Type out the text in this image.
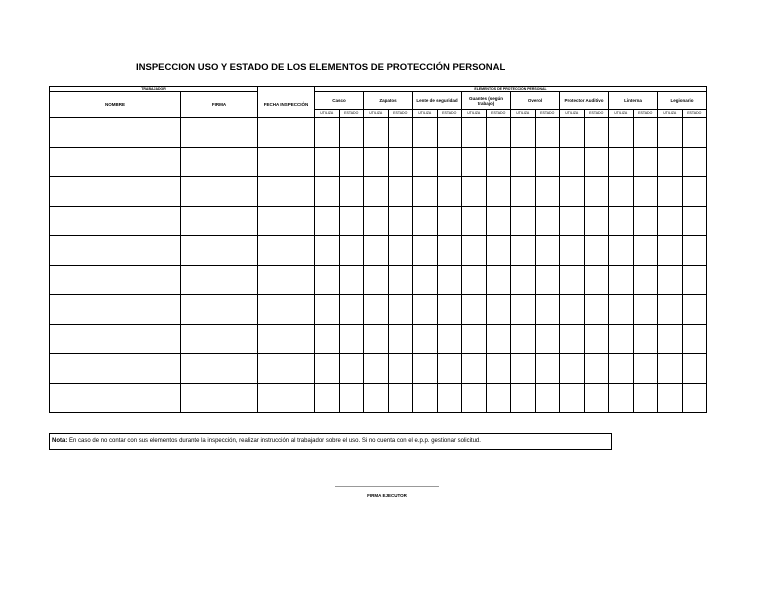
INSPECCION USO Y ESTADO DE LOS ELEMENTOS DE PROTECCIÓN PERSONAL
TRABAJADOR			ELEMENTOS DE PROTECCIÓN PERSONAL															
NOMBRE	FIRMA	FECHA INSPECCIÓN	Casco		Zapatos		Lente de seguridad		Guantes (según trabajo)		Overol		Protector Auditivo		Linterna		Legionario	
			UTILIZA	ESTADO	UTILIZA	ESTADO	UTILIZA	ESTADO	UTILIZA	ESTADO	UTILIZA	ESTADO	UTILIZA	ESTADO	UTILIZA	ESTADO	UTILIZA	ESTADO

Nota: En caso de no contar con sus elementos durante la inspección, realizar instrucción al trabajador sobre el uso. Si no cuenta con el e.p.p. gestionar solicitud.
FIRMA EJECUTOR
